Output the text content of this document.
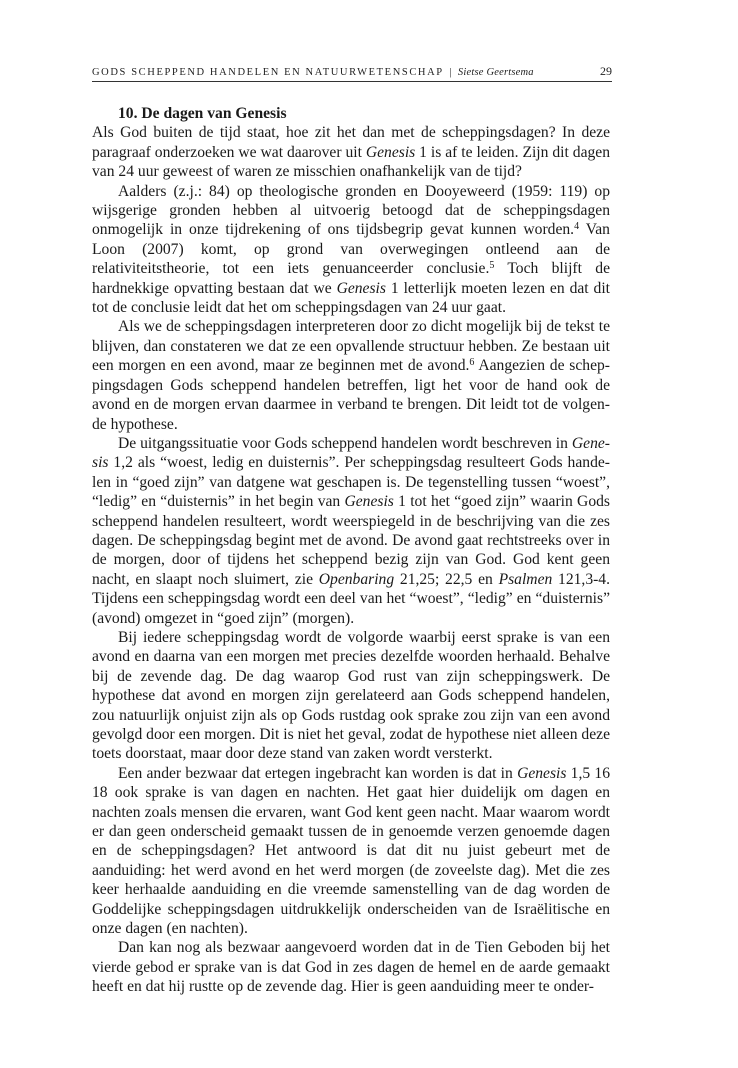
GODS SCHEPPEND HANDELEN EN NATUURWETENSCHAP | Sietse Geertsema	29
10. De dagen van Genesis

Als God buiten de tijd staat, hoe zit het dan met de scheppingsdagen? In deze paragraaf onderzoeken we wat daarover uit Genesis 1 is af te leiden. Zijn dit dagen van 24 uur geweest of waren ze misschien onafhankelijk van de tijd?

Aalders (z.j.: 84) op theologische gronden en Dooyeweerd (1959: 119) op wijsgerige gronden hebben al uitvoerig betoogd dat de scheppingsdagen onmogelijk in onze tijdrekening of ons tijdsbegrip gevat kunnen worden.$^4$ Van Loon (2007) komt, op grond van overwegingen ontleend aan de relativiteitstheorie, tot een iets genuanceerder conclusie.$^5$ Toch blijft de hardnekkige opvatting bestaan dat we Genesis 1 letterlijk moeten lezen en dat dit tot de conclusie leidt dat het om scheppingsdagen van 24 uur gaat.

Als we de scheppingsdagen interpreteren door zo dicht mogelijk bij de tekst te blijven, dan constateren we dat ze een opvallende structuur hebben. Ze bestaan uit een morgen en een avond, maar ze beginnen met de avond.$^6$ Aangezien de scheppingsdagen Gods scheppend handelen betreffen, ligt het voor de hand ook de avond en de morgen ervan daarmee in verband te brengen. Dit leidt tot de volgende hypothese.

De uitgangssituatie voor Gods scheppend handelen wordt beschreven in Genesis 1,2 als “woest, ledig en duisternis”. Per scheppingsdag resulteert Gods handelen in “goed zijn” van datgene wat geschapen is. De tegenstelling tussen “woest”, “ledig” en “duisternis” in het begin van Genesis 1 tot het “goed zijn” waarin Gods scheppend handelen resulteert, wordt weerspiegeld in de beschrijving van die zes dagen. De scheppingsdag begint met de avond. De avond gaat rechtstreeks over in de morgen, door of tijdens het scheppend bezig zijn van God. God kent geen nacht, en slaapt noch sluimert, zie Openbaring 21,25; 22,5 en Psalmen 121,3-4. Tijdens een scheppingsdag wordt een deel van het “woest”, “ledig” en “duisternis” (avond) omgezet in “goed zijn” (morgen).

Bij iedere scheppingsdag wordt de volgorde waarbij eerst sprake is van een avond en daarna van een morgen met precies dezelfde woorden herhaald. Behalve bij de zevende dag. De dag waarop God rust van zijn scheppingswerk. De hypothese dat avond en morgen zijn gerelateerd aan Gods scheppend handelen, zou natuurlijk onjuist zijn als op Gods rustdag ook sprake zou zijn van een avond gevolgd door een morgen. Dit is niet het geval, zodat de hypothese niet alleen deze toets doorstaat, maar door deze stand van zaken wordt versterkt.

Een ander bezwaar dat ertegen ingebracht kan worden is dat in Genesis 1,5 16 18 ook sprake is van dagen en nachten. Het gaat hier duidelijk om dagen en nachten zoals mensen die ervaren, want God kent geen nacht. Maar waarom wordt er dan geen onderscheid gemaakt tussen de in genoemde verzen genoemde dagen en de scheppingsdagen? Het antwoord is dat dit nu juist gebeurt met de aanduiding: het werd avond en het werd morgen (de zoveelste dag). Met die zes keer herhaalde aanduiding en die vreemde samenstelling van de dag worden de Goddelijke scheppingsdagen uitdrukkelijk onderscheiden van de Israëlitische en onze dagen (en nachten).

Dan kan nog als bezwaar aangevoerd worden dat in de Tien Geboden bij het vierde gebod er sprake van is dat God in zes dagen de hemel en de aarde gemaakt heeft en dat hij rustte op de zevende dag. Hier is geen aanduiding meer te onder-
